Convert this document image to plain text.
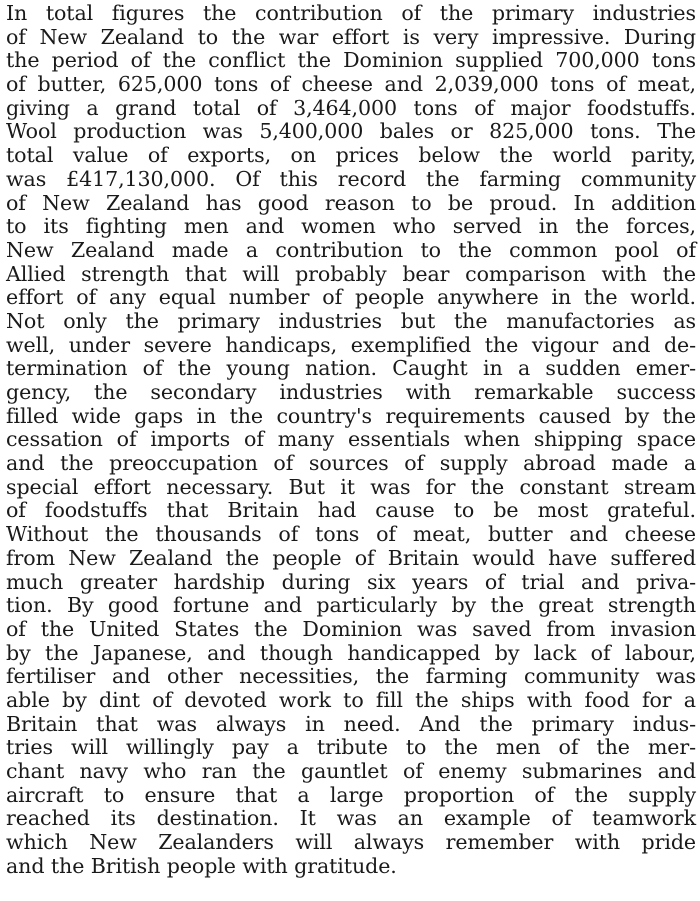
In total figures the contribution of the primary industries
of New Zealand to the war effort is very impressive. During
the period of the conflict the Dominion supplied 700,000 tons
of butter, 625,000 tons of cheese and 2,039,000 tons of meat,
giving a grand total of 3,464,000 tons of major foodstuffs.
Wool production was 5,400,000 bales or 825,000 tons. The
total value of exports, on prices below the world parity,
was £417,130,000. Of this record the farming community
of New Zealand has good reason to be proud. In addition
to its fighting men and women who served in the forces,
New Zealand made a contribution to the common pool of
Allied strength that will probably bear comparison with the
effort of any equal number of people anywhere in the world.
Not only the primary industries but the manufactories as
well, under severe handicaps, exemplified the vigour and de-
termination of the young nation. Caught in a sudden emer-
gency, the secondary industries with remarkable success
filled wide gaps in the country's requirements caused by the
cessation of imports of many essentials when shipping space
and the preoccupation of sources of supply abroad made a
special effort necessary. But it was for the constant stream
of foodstuffs that Britain had cause to be most grateful.
Without the thousands of tons of meat, butter and cheese
from New Zealand the people of Britain would have suffered
much greater hardship during six years of trial and priva-
tion. By good fortune and particularly by the great strength
of the United States the Dominion was saved from invasion
by the Japanese, and though handicapped by lack of labour,
fertiliser and other necessities, the farming community was
able by dint of devoted work to fill the ships with food for a
Britain that was always in need. And the primary indus-
tries will willingly pay a tribute to the men of the mer-
chant navy who ran the gauntlet of enemy submarines and
aircraft to ensure that a large proportion of the supply
reached its destination. It was an example of teamwork
which New Zealanders will always remember with pride
and the British people with gratitude.
